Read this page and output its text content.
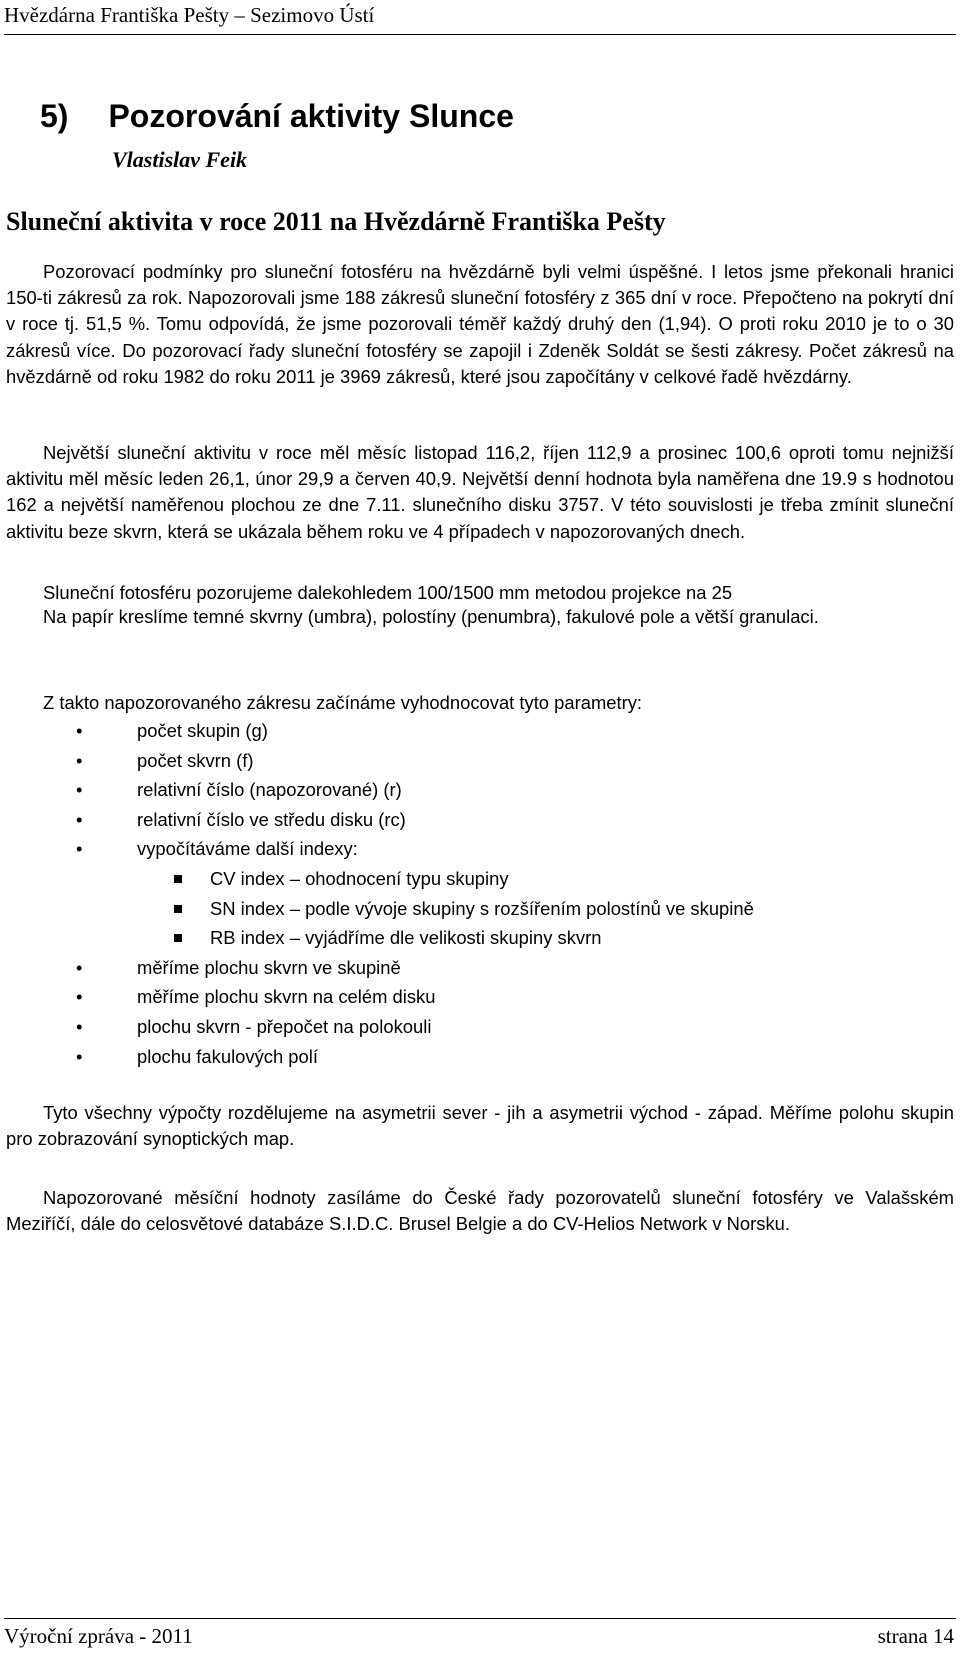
Hvězdárna Františka Pešty – Sezimovo Ústí
5) Pozorování aktivity Slunce
Vlastislav Feik
Sluneční aktivita v roce 2011 na Hvězdárně Františka Pešty

Pozorovací podmínky pro sluneční fotosféru na hvězdárně byli velmi úspěšné. I letos jsme překonali hranici 150-ti zákresů za rok. Napozorovali jsme 188 zákresů sluneční fotosféry z 365 dní v roce. Přepočteno na pokrytí dní v roce tj. 51,5 %. Tomu odpovídá, že jsme pozorovali téměř každý druhý den (1,94). O proti roku 2010 je to o 30 zákresů více. Do pozorovací řady sluneční fotosféry se zapojil i Zdeněk Soldát se šesti zákresy. Počet zákresů na hvězdárně od roku 1982 do roku 2011 je 3969 zákresů, které jsou započítány v celkové řadě hvězdárny.

Největší sluneční aktivitu v roce měl měsíc listopad 116,2, říjen 112,9 a prosinec 100,6 oproti tomu nejnižší aktivitu měl měsíc leden 26,1, únor 29,9 a červen 40,9. Největší denní hodnota byla naměřena dne 19.9 s hodnotou 162 a největší naměřenou plochou ze dne 7.11. slunečního disku 3757. V této souvislosti je třeba zmínit sluneční aktivitu beze skvrn, která se ukázala během roku ve 4 případech v napozorovaných dnech.

Sluneční fotosféru pozorujeme dalekohledem 100/1500 mm metodou projekce na 25

Na papír kreslíme temné skvrny (umbra), polostíny (penumbra), fakulové pole a větší granulaci.

Z takto napozorovaného zákresu začínáme vyhodnocovat tyto parametry:

•	počet skupin (g)
•	počet skvrn (f)
•	relativní číslo (napozorované) (r)
•	relativní číslo ve středu disku (rc)
•	vypočítáváme další indexy:
CV index – ohodnocení typu skupiny
SN index – podle vývoje skupiny s rozšířením polostínů ve skupině
RB index – vyjádříme dle velikosti skupiny skvrn
•	měříme plochu skvrn ve skupině
•	měříme plochu skvrn na celém disku
•	plochu skvrn - přepočet na polokouli
•	plochu fakulových polí

Tyto všechny výpočty rozdělujeme na asymetrii sever - jih a asymetrii východ - západ. Měříme polohu skupin pro zobrazování synoptických map.

Napozorované měsíční hodnoty zasíláme do České řady pozorovatelů sluneční fotosféry ve Valašském Meziříčí, dále do celosvětové databáze S.I.D.C. Brusel Belgie a do CV-Helios Network v Norsku.

Výroční zpráva - 2011	strana 14
